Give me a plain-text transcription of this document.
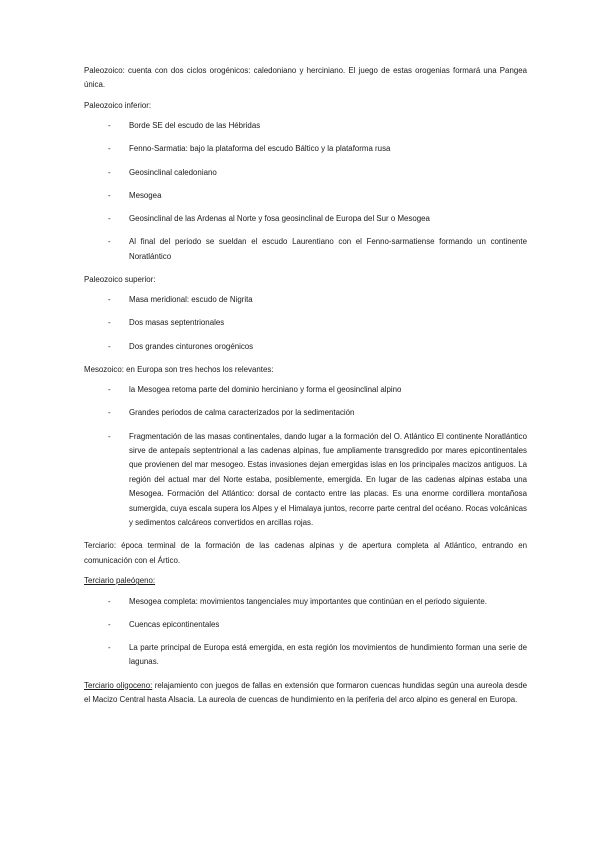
Paleozoico: cuenta con dos ciclos orogénicos: caledoniano y herciniano. El juego de estas orogenias formará una Pangea única.

Paleozoico inferior:

- Borde SE del escudo de las Hébridas
- Fenno-Sarmatia: bajo la plataforma del escudo Báltico y la plataforma rusa
- Geosinclinal caledoniano
- Mesogea
- Geosinclinal de las Ardenas al Norte y fosa geosinclinal de Europa del Sur o Mesogea
- Al final del periodo se sueldan el escudo Laurentiano con el Fenno-sarmatiense formando un continente Noratlántico

Paleozoico superior:

- Masa meridional: escudo de Nigrita
- Dos masas septentrionales
- Dos grandes cinturones orogénicos

Mesozoico: en Europa son tres hechos los relevantes:

- la Mesogea retoma parte del dominio herciniano y forma el geosinclinal alpino
- Grandes periodos de calma caracterizados por la sedimentación
- Fragmentación de las masas continentales, dando lugar a la formación del O. Atlántico El continente Noratlántico sirve de antepaís septentrional a las cadenas alpinas, fue ampliamente transgredido por mares epicontinentales que provienen del mar mesogeo. Estas invasiones dejan emergidas islas en los principales macizos antiguos. La región del actual mar del Norte estaba, posiblemente, emergida. En lugar de las cadenas alpinas estaba una Mesogea. Formación del Atlántico: dorsal de contacto entre las placas. Es una enorme cordillera montañosa sumergida, cuya escala supera los Alpes y el Himalaya juntos, recorre parte central del océano. Rocas volcánicas y sedimentos calcáreos convertidos en arcillas rojas.

Terciario: época terminal de la formación de las cadenas alpinas y de apertura completa al Atlántico, entrando en comunicación con el Ártico.

Terciario paleógeno:

- Mesogea completa: movimientos tangenciales muy importantes que continúan en el periodo siguiente.
- Cuencas epicontinentales
- La parte principal de Europa está emergida, en esta región los movimientos de hundimiento forman una serie de lagunas.

Terciario oligoceno: relajamiento con juegos de fallas en extensión que formaron cuencas hundidas según una aureola desde el Macizo Central hasta Alsacia. La aureola de cuencas de hundimiento en la periferia del arco alpino es general en Europa.
